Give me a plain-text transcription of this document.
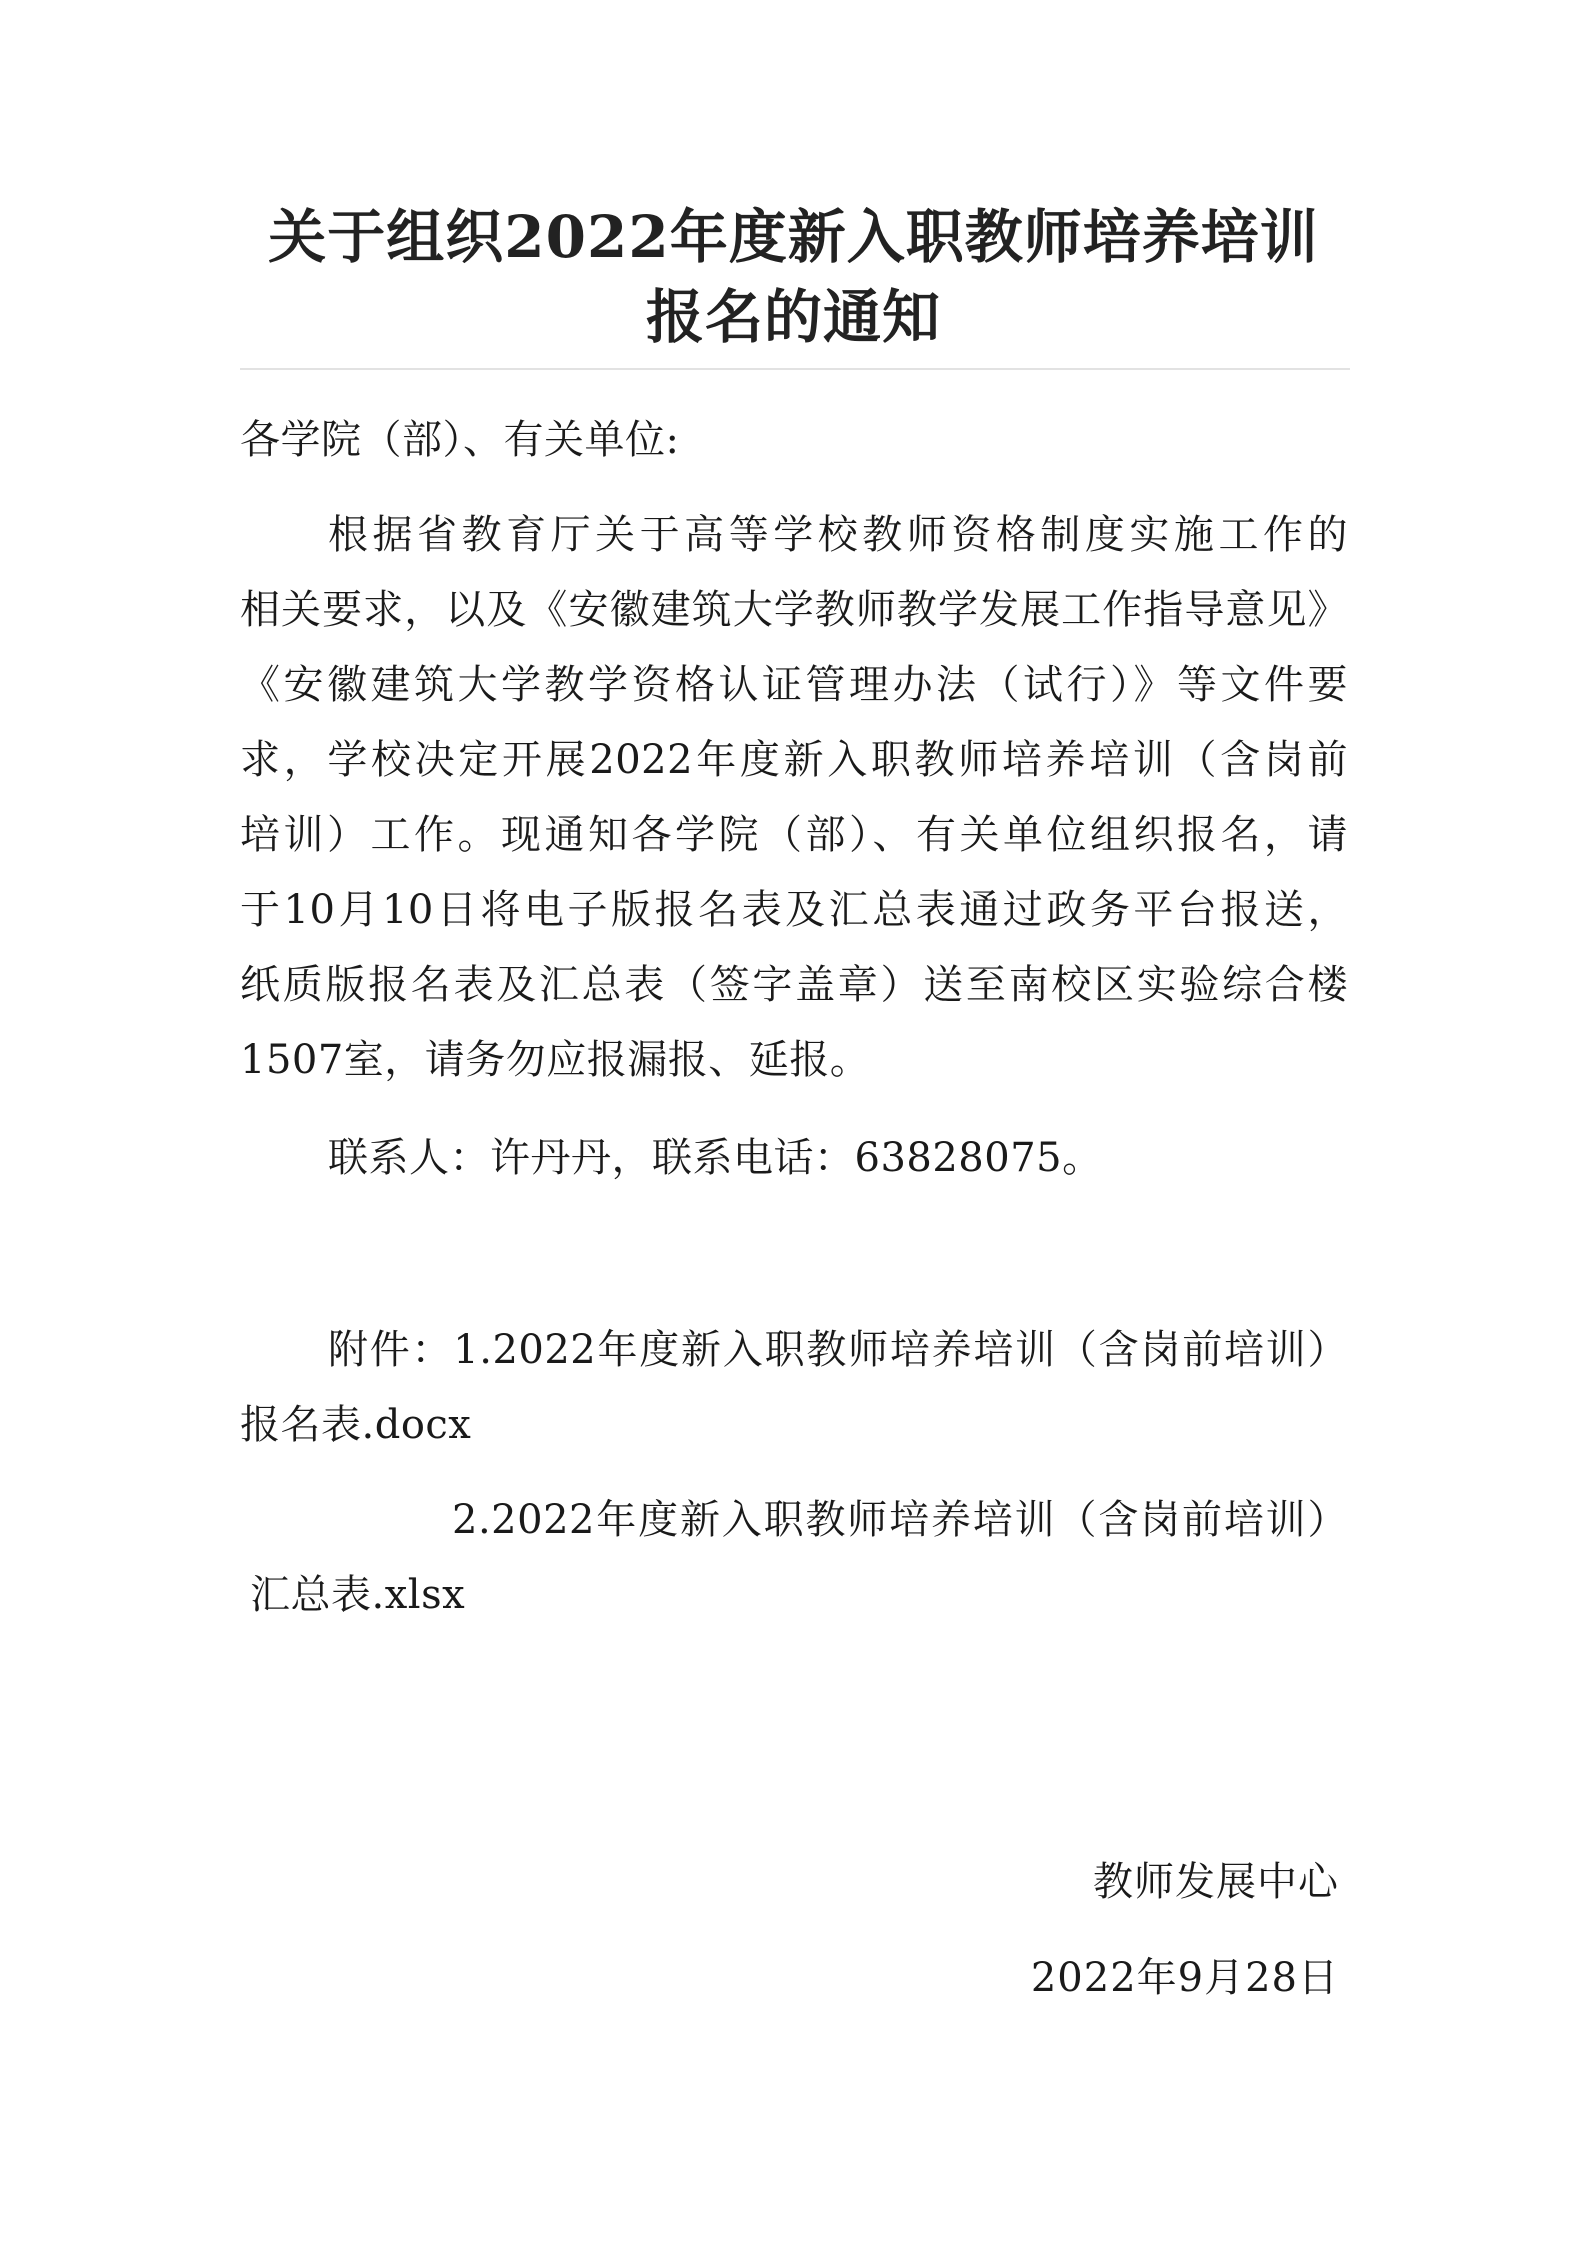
关于组织2022年度新入职教师培养培训
报名的通知
各学院（部）、有关单位:
根据省教育厅关于高等学校教师资格制度实施工作的
相关要求，以及《安徽建筑大学教师教学发展工作指导意见》
《安徽建筑大学教学资格认证管理办法（试行）》等文件要
求，学校决定开展2022年度新入职教师培养培训（含岗前
培训）工作。现通知各学院（部）、有关单位组织报名，请
于10月10日将电子版报名表及汇总表通过政务平台报送，
纸质版报名表及汇总表（签字盖章）送至南校区实验综合楼
1507室，请务勿应报漏报、延报。
联系人：许丹丹，联系电话：63828075。
附件：1.2022年度新入职教师培养培训（含岗前培训）
报名表.docx
2.2022年度新入职教师培养培训（含岗前培训）
汇总表.xlsx
教师发展中心
2022年9月28日
